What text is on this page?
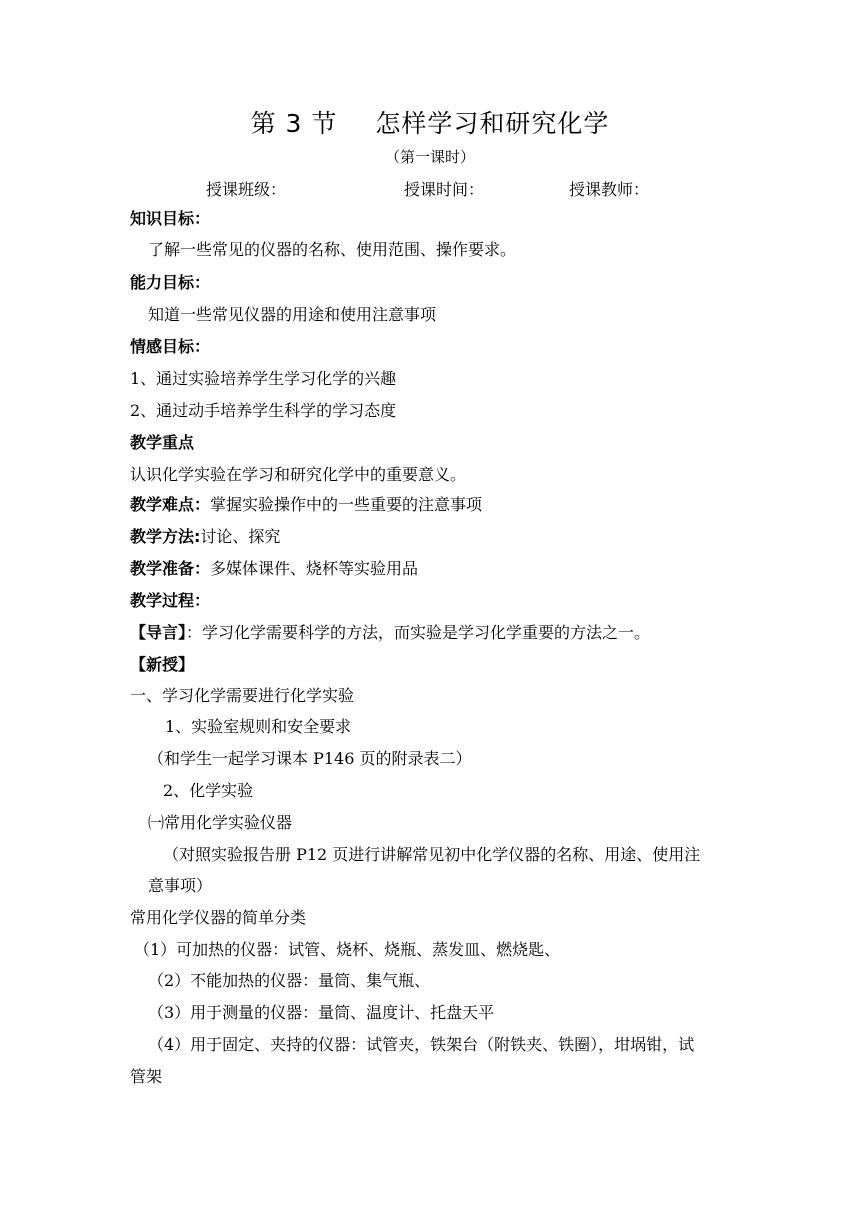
第 3 节 怎样学习和研究化学
（第一课时）
授课班级：	授课时间：	授课教师：
知识目标：
了解一些常见的仪器的名称、使用范围、操作要求。
能力目标：
知道一些常见仪器的用途和使用注意事项
情感目标：
1、通过实验培养学生学习化学的兴趣
2、通过动手培养学生科学的学习态度
教学重点
认识化学实验在学习和研究化学中的重要意义。
教学难点：掌握实验操作中的一些重要的注意事项
教学方法:讨论、探究
教学准备：多媒体课件、烧杯等实验用品
教学过程：
【导言】：学习化学需要科学的方法，而实验是学习化学重要的方法之一。
【新授】
一、学习化学需要进行化学实验
1、实验室规则和安全要求
（和学生一起学习课本 P146 页的附录表二）
2、化学实验
㈠常用化学实验仪器
（对照实验报告册 P12 页进行讲解常见初中化学仪器的名称、用途、使用注
意事项）
常用化学仪器的简单分类
（1）可加热的仪器：试管、烧杯、烧瓶、蒸发皿、燃烧匙、
（2）不能加热的仪器：量筒、集气瓶、
（3）用于测量的仪器：量筒、温度计、托盘天平
（4）用于固定、夹持的仪器：试管夹，铁架台（附铁夹、铁圈），坩埚钳，试
管架
